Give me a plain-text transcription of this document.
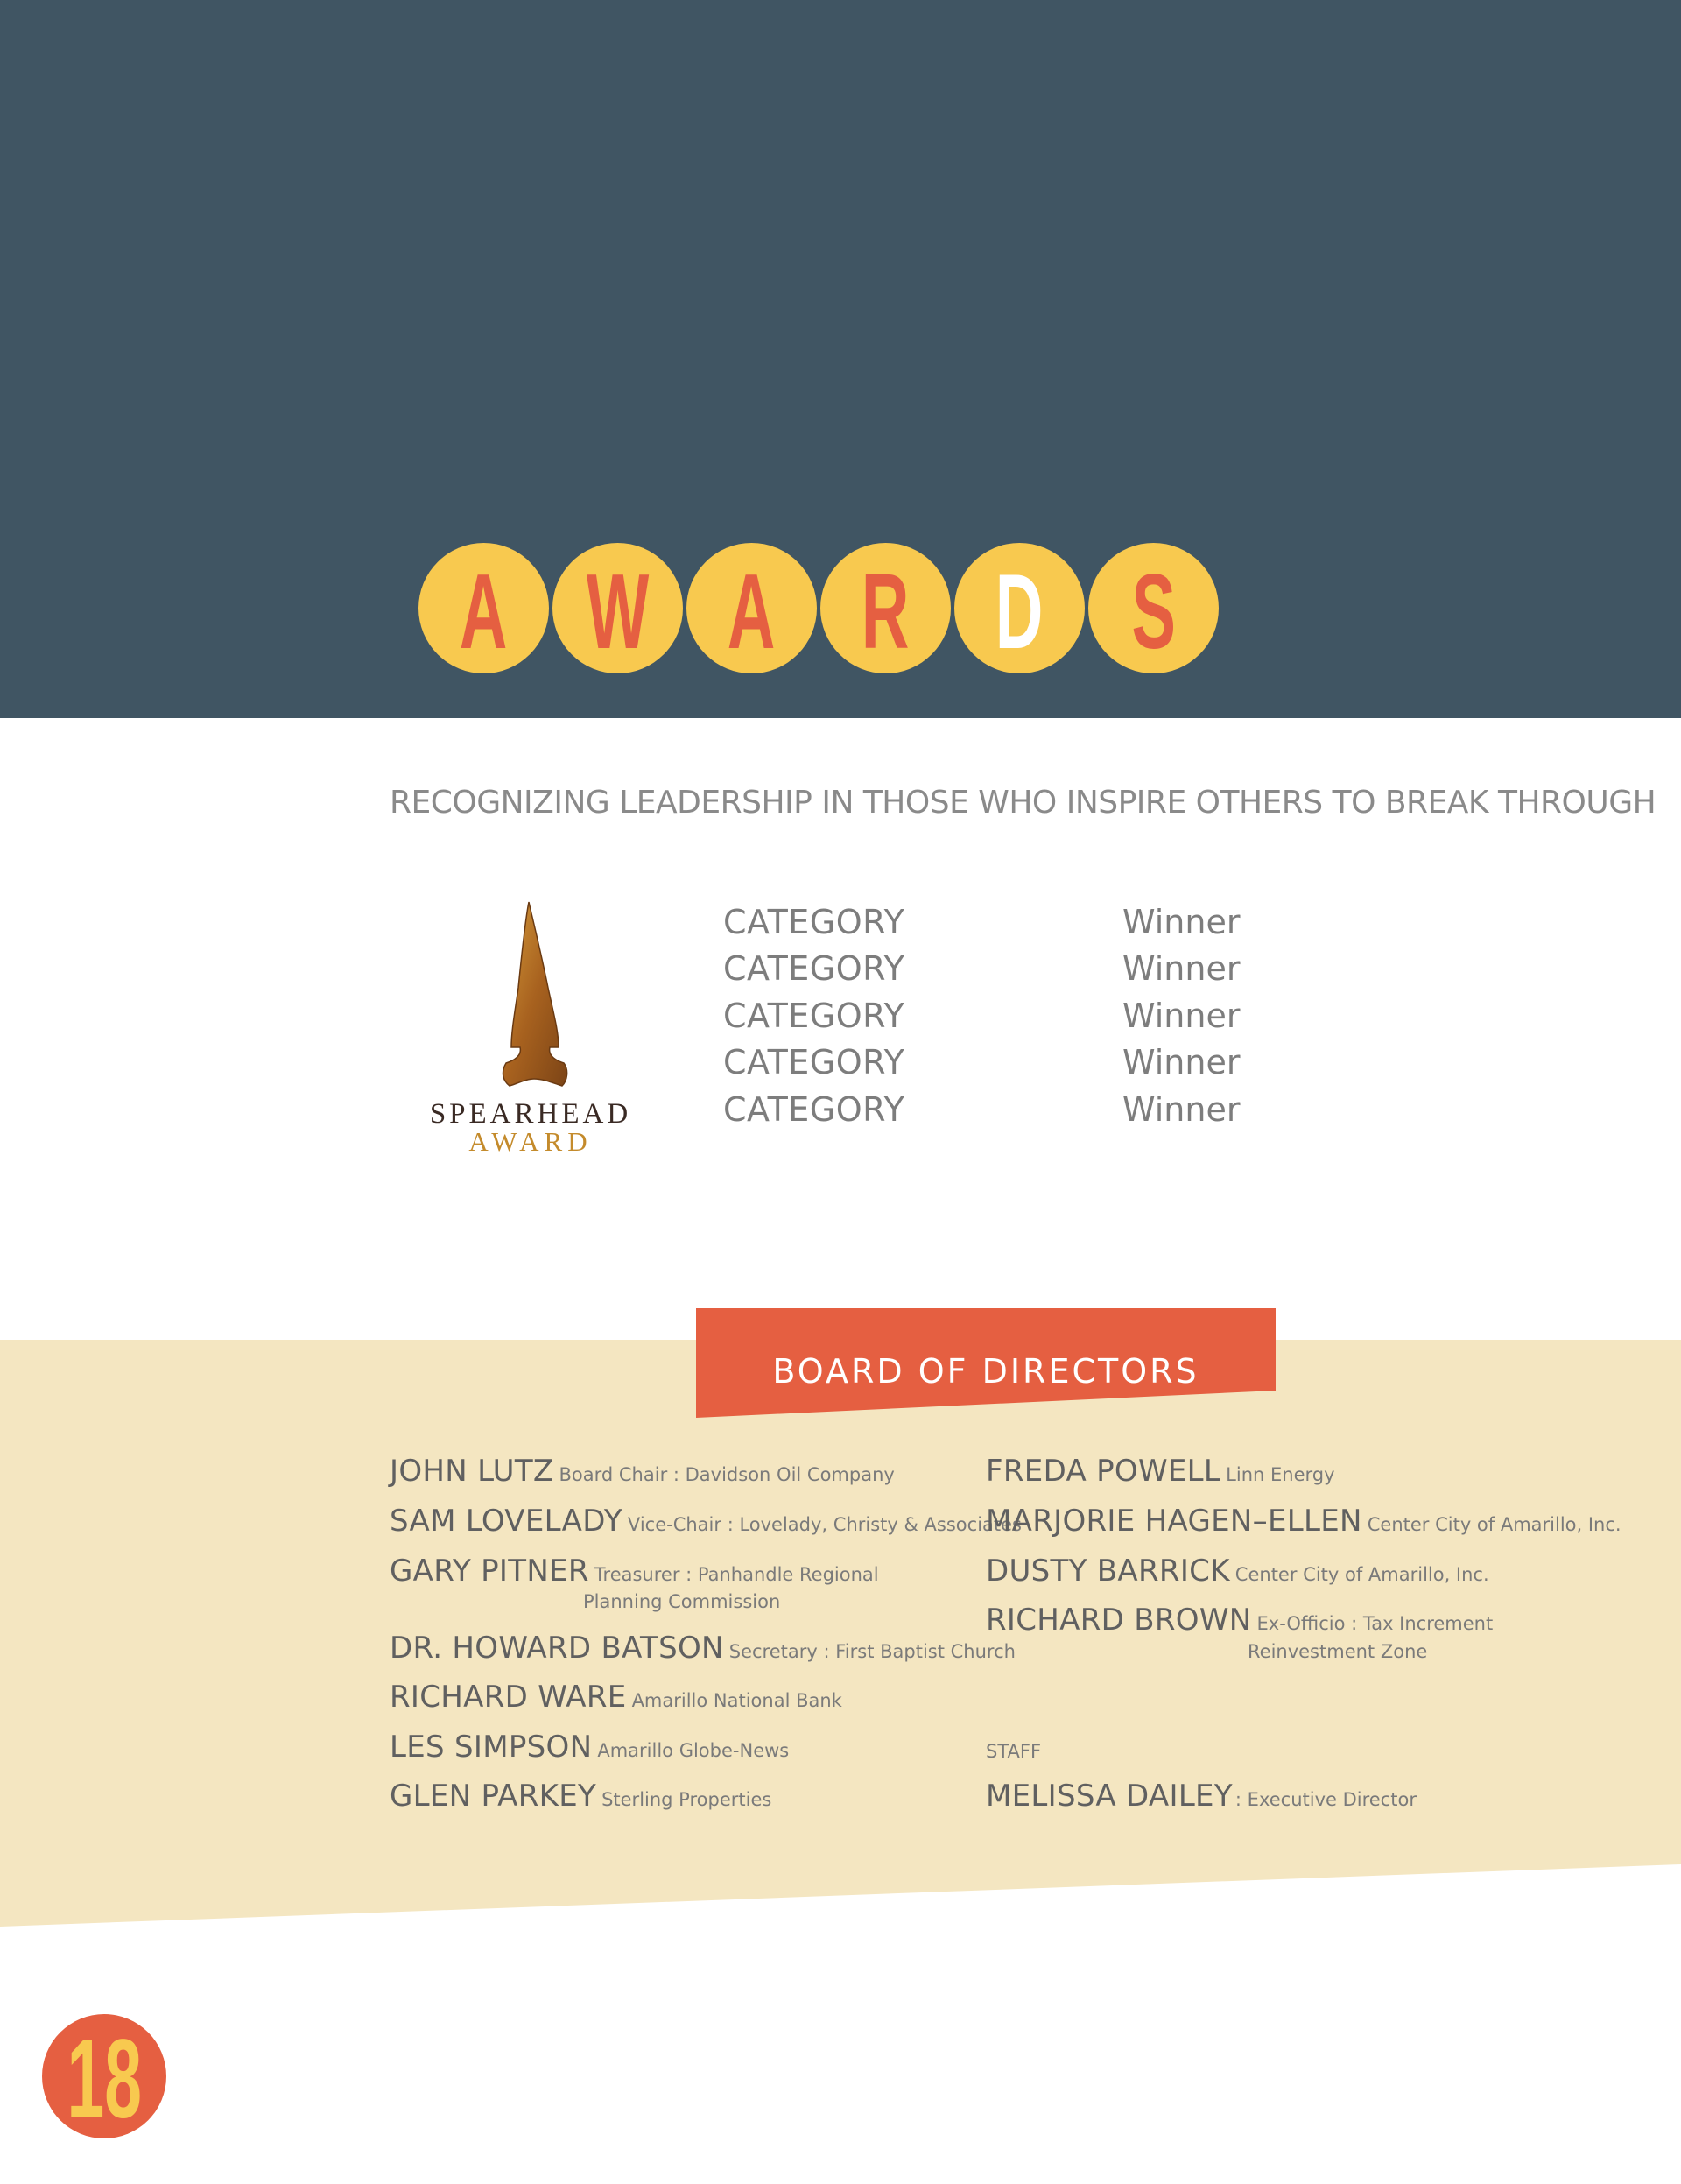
A W A R D S
RECOGNIZING LEADERSHIP IN THOSE WHO INSPIRE OTHERS TO BREAK THROUGH
SPEARHEAD
AWARD
CATEGORY	Winner
CATEGORY	Winner
CATEGORY	Winner
CATEGORY	Winner
CATEGORY	Winner
BOARD OF DIRECTORS
JOHN LUTZ Board Chair : Davidson Oil Company
SAM LOVELADY Vice-Chair : Lovelady, Christy & Associates
GARY PITNER Treasurer : Panhandle Regional
Planning Commission
DR. HOWARD BATSON Secretary : First Baptist Church
RICHARD WARE Amarillo National Bank
LES SIMPSON Amarillo Globe-News
GLEN PARKEY Sterling Properties
FREDA POWELL Linn Energy
MARJORIE HAGEN–ELLEN Center City of Amarillo, Inc.
DUSTY BARRICK Center City of Amarillo, Inc.
RICHARD BROWN Ex-Officio : Tax Increment
Reinvestment Zone
STAFF
MELISSA DAILEY : Executive Director
18
